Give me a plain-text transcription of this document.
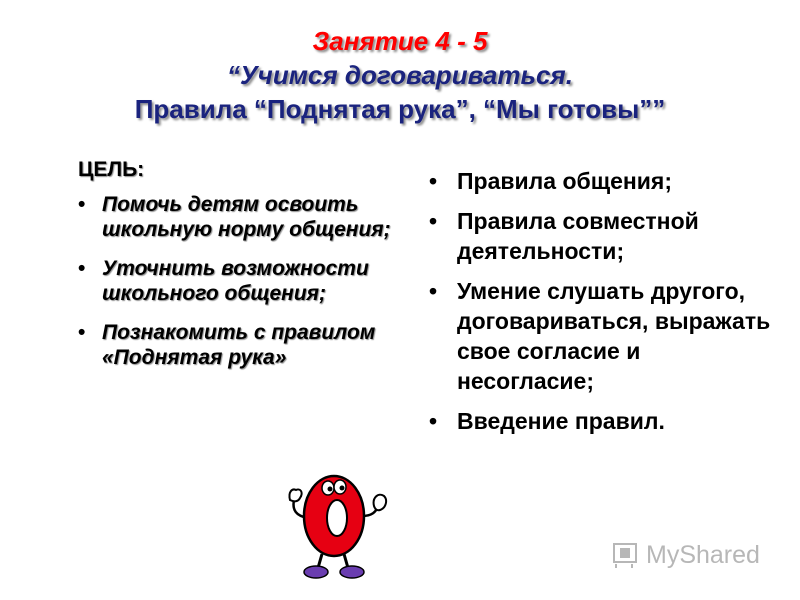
Занятие 4 - 5
“Учимся договариваться.
Правила “Поднятая рука”, “Мы готовы””
ЦЕЛЬ:
• Помочь детям освоить школьную норму общения;
• Уточнить возможности школьного общения;
• Познакомить с правилом «Поднятая рука»
• Правила общения;
• Правила совместной деятельности;
• Умение слушать другого, договариваться, выражать свое согласие и несогласие;
• Введение правил.
MyShared
